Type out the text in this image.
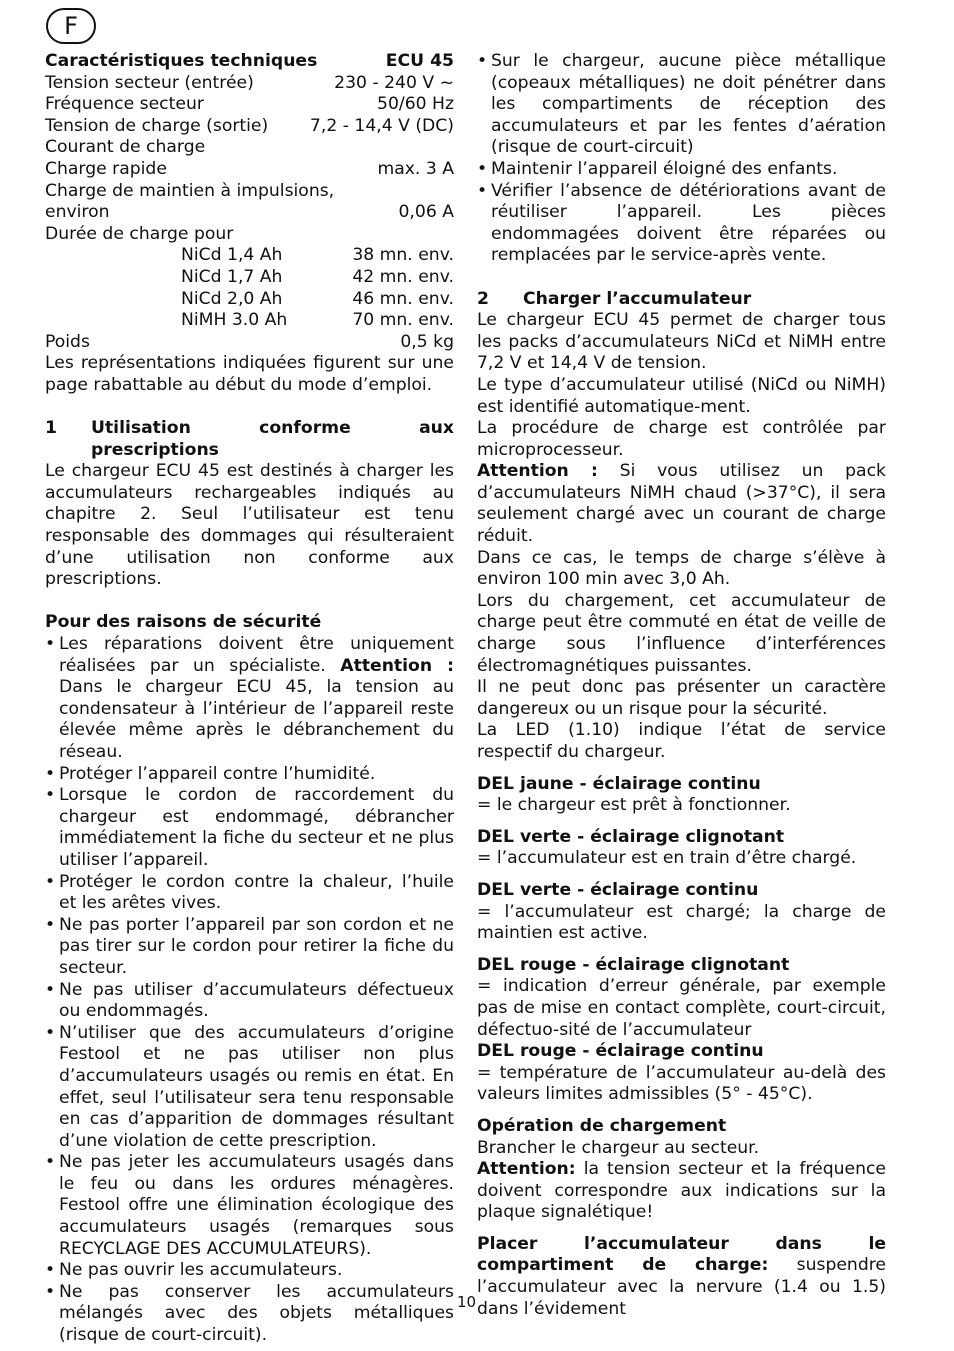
F
Caractéristiques techniques	ECU 45
Tension secteur (entrée)	230 - 240 V ~
Fréquence secteur	50/60 Hz
Tension de charge (sortie) 7,2 - 14,4 V (DC)
Courant de charge
Charge rapide	max. 3 A
Charge de maintien à impulsions,
environ	0,06 A
Durée de charge pour
NiCd 1,4 Ah	38 mn. env.
NiCd 1,7 Ah	42 mn. env.
NiCd 2,0 Ah	46 mn. env.
NiMH 3.0 Ah	70 mn. env.
Poids	0,5 kg

Les représentations indiquées figurent sur une page rabattable au début du mode d’emploi.

1	Utilisation conforme aux prescriptions

Le chargeur ECU 45 est destinés à charger les accumulateurs rechargeables indiqués au chapitre 2. Seul l’utilisateur est tenu responsable des dommages qui résulteraient d’une utilisation non conforme aux prescriptions.

Pour des raisons de sécurité
• Les réparations doivent être uniquement réalisées par un spécialiste. Attention : Dans le chargeur ECU 45, la tension au condensateur à l’intérieur de l’appareil reste élevée même après le débranchement du réseau.
• Protéger l’appareil contre l’humidité.
• Lorsque le cordon de raccordement du chargeur est endommagé, débrancher immédiatement la fiche du secteur et ne plus utiliser l’appareil.
• Protéger le cordon contre la chaleur, l’huile et les arêtes vives.
• Ne pas porter l’appareil par son cordon et ne pas tirer sur le cordon pour retirer la fiche du secteur.
• Ne pas utiliser d’accumulateurs défectueux ou endommagés.
• N’utiliser que des accumulateurs d’origine Festool et ne pas utiliser non plus d’accumulateurs usagés ou remis en état. En effet, seul l’utilisateur sera tenu responsable en cas d’apparition de dommages résultant d’une violation de cette prescription.
• Ne pas jeter les accumulateurs usagés dans le feu ou dans les ordures ménagères. Festool offre une élimination écologique des accumulateurs usagés (remarques sous RECYCLAGE DES ACCUMULATEURS).
• Ne pas ouvrir les accumulateurs.
• Ne pas conserver les accumulateurs mélangés avec des objets métalliques (risque de court-circuit).
• Sur le chargeur, aucune pièce métallique (copeaux métalliques) ne doit pénétrer dans les compartiments de réception des accumulateurs et par les fentes d’aération (risque de court-circuit)
• Maintenir l’appareil éloigné des enfants.
• Vérifier l’absence de détériorations avant de réutiliser l’appareil. Les pièces endommagées doivent être réparées ou remplacées par le service-après vente.
2	Charger l’accumulateur

Le chargeur ECU 45 permet de charger tous les packs d’accumulateurs NiCd et NiMH entre 7,2 V et 14,4 V de tension.

Le type d’accumulateur utilisé (NiCd ou NiMH) est identifié automatique-ment.

La procédure de charge est contrôlée par microprocesseur.

Attention : Si vous utilisez un pack d’accumulateurs NiMH chaud (>37°C), il sera seulement chargé avec un courant de charge réduit.

Dans ce cas, le temps de charge s’élève à environ 100 min avec 3,0 Ah.

Lors du chargement, cet accumulateur de charge peut être commuté en état de veille de charge sous l’influence d’interférences électromagnétiques puissantes.

Il ne peut donc pas présenter un caractère dangereux ou un risque pour la sécurité.

La LED (1.10) indique l’état de service respectif du chargeur.

DEL jaune - éclairage continu

= le chargeur est prêt à fonctionner.

DEL verte - éclairage clignotant

= l’accumulateur est en train d’être chargé.

DEL verte - éclairage continu

= l’accumulateur est chargé; la charge de maintien est active.

DEL rouge - éclairage clignotant

= indication d’erreur générale, par exemple pas de mise en contact complète, court-circuit, défectuo-sité de l’accumulateur

DEL rouge - éclairage continu

= température de l’accumulateur au-delà des valeurs limites admissibles (5° - 45°C).

Opération de chargement

Brancher le chargeur au secteur.

Attention: la tension secteur et la fréquence doivent correspondre aux indications sur la plaque signalétique!

Placer l’accumulateur dans le compartiment de charge: suspendre l’accumulateur avec la nervure (1.4 ou 1.5) dans l’évidement

10
